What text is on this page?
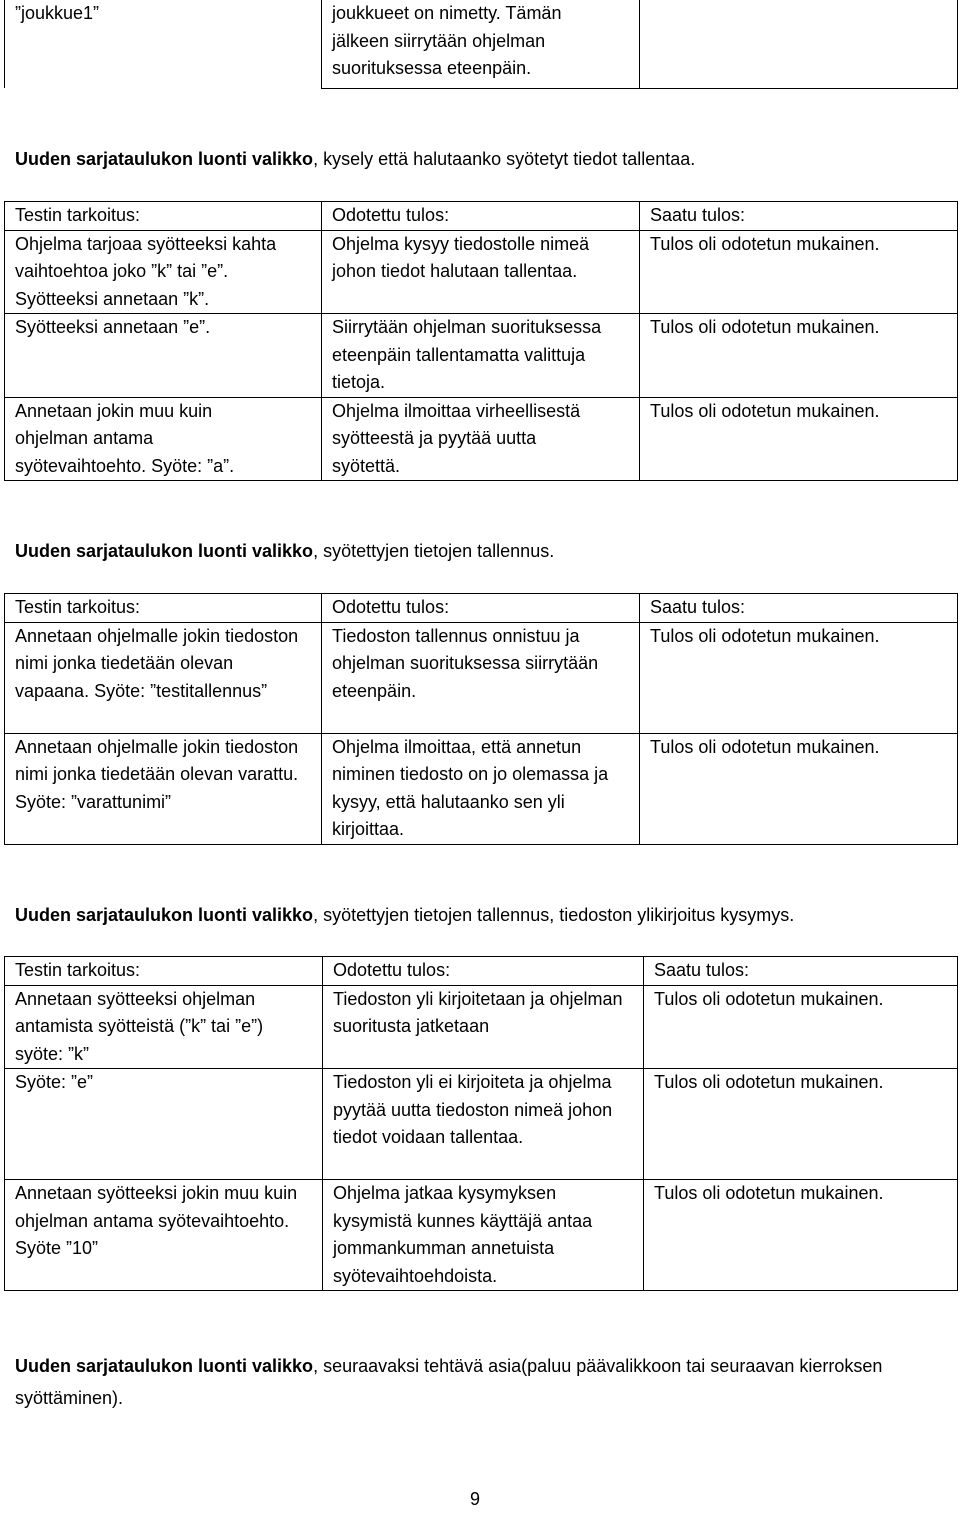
”joukkue1”	joukkueet on nimetty. Tämän jälkeen siirrytään ohjelman suorituksessa eteenpäin.	
Uuden sarjataulukon luonti valikko, kysely että halutaanko syötetyt tiedot tallentaa.
Testin tarkoitus:	Odotettu tulos:	Saatu tulos:
Ohjelma tarjoaa syötteeksi kahta vaihtoehtoa joko ”k” tai ”e”. Syötteeksi annetaan ”k”.	Ohjelma kysyy tiedostolle nimeä johon tiedot halutaan tallentaa.	Tulos oli odotetun mukainen.
Syötteeksi annetaan ”e”.	Siirrytään ohjelman suorituksessa eteenpäin tallentamatta valittuja tietoja.	Tulos oli odotetun mukainen.
Annetaan jokin muu kuin ohjelman antama syötevaihtoehto. Syöte: ”a”.	Ohjelma ilmoittaa virheellisestä syötteestä ja pyytää uutta syötettä.	Tulos oli odotetun mukainen.
Uuden sarjataulukon luonti valikko, syötettyjen tietojen tallennus.
Testin tarkoitus:	Odotettu tulos:	Saatu tulos:
Annetaan ohjelmalle jokin tiedoston nimi jonka tiedetään olevan vapaana. Syöte: ”testitallennus”	Tiedoston tallennus onnistuu ja ohjelman suorituksessa siirrytään eteenpäin.	Tulos oli odotetun mukainen.
Annetaan ohjelmalle jokin tiedoston nimi jonka tiedetään olevan varattu. Syöte: ”varattunimi”	Ohjelma ilmoittaa, että annetun niminen tiedosto on jo olemassa ja kysyy, että halutaanko sen yli kirjoittaa.	Tulos oli odotetun mukainen.
Uuden sarjataulukon luonti valikko, syötettyjen tietojen tallennus, tiedoston ylikirjoitus kysymys.
Testin tarkoitus:	Odotettu tulos:	Saatu tulos:
Annetaan syötteeksi ohjelman antamista syötteistä (”k” tai ”e”) syöte: ”k”	Tiedoston yli kirjoitetaan ja ohjelman suoritusta jatketaan	Tulos oli odotetun mukainen.
Syöte: ”e”	Tiedoston yli ei kirjoiteta ja ohjelma pyytää uutta tiedoston nimeä johon tiedot voidaan tallentaa.	Tulos oli odotetun mukainen.
Annetaan syötteeksi jokin muu kuin ohjelman antama syötevaihtoehto. Syöte ”10”	Ohjelma jatkaa kysymyksen kysymistä kunnes käyttäjä antaa jommankumman annetuista syötevaihtoehdoista.	Tulos oli odotetun mukainen.
Uuden sarjataulukon luonti valikko, seuraavaksi tehtävä asia(paluu päävalikkoon tai seuraavan kierroksen syöttäminen).
9
